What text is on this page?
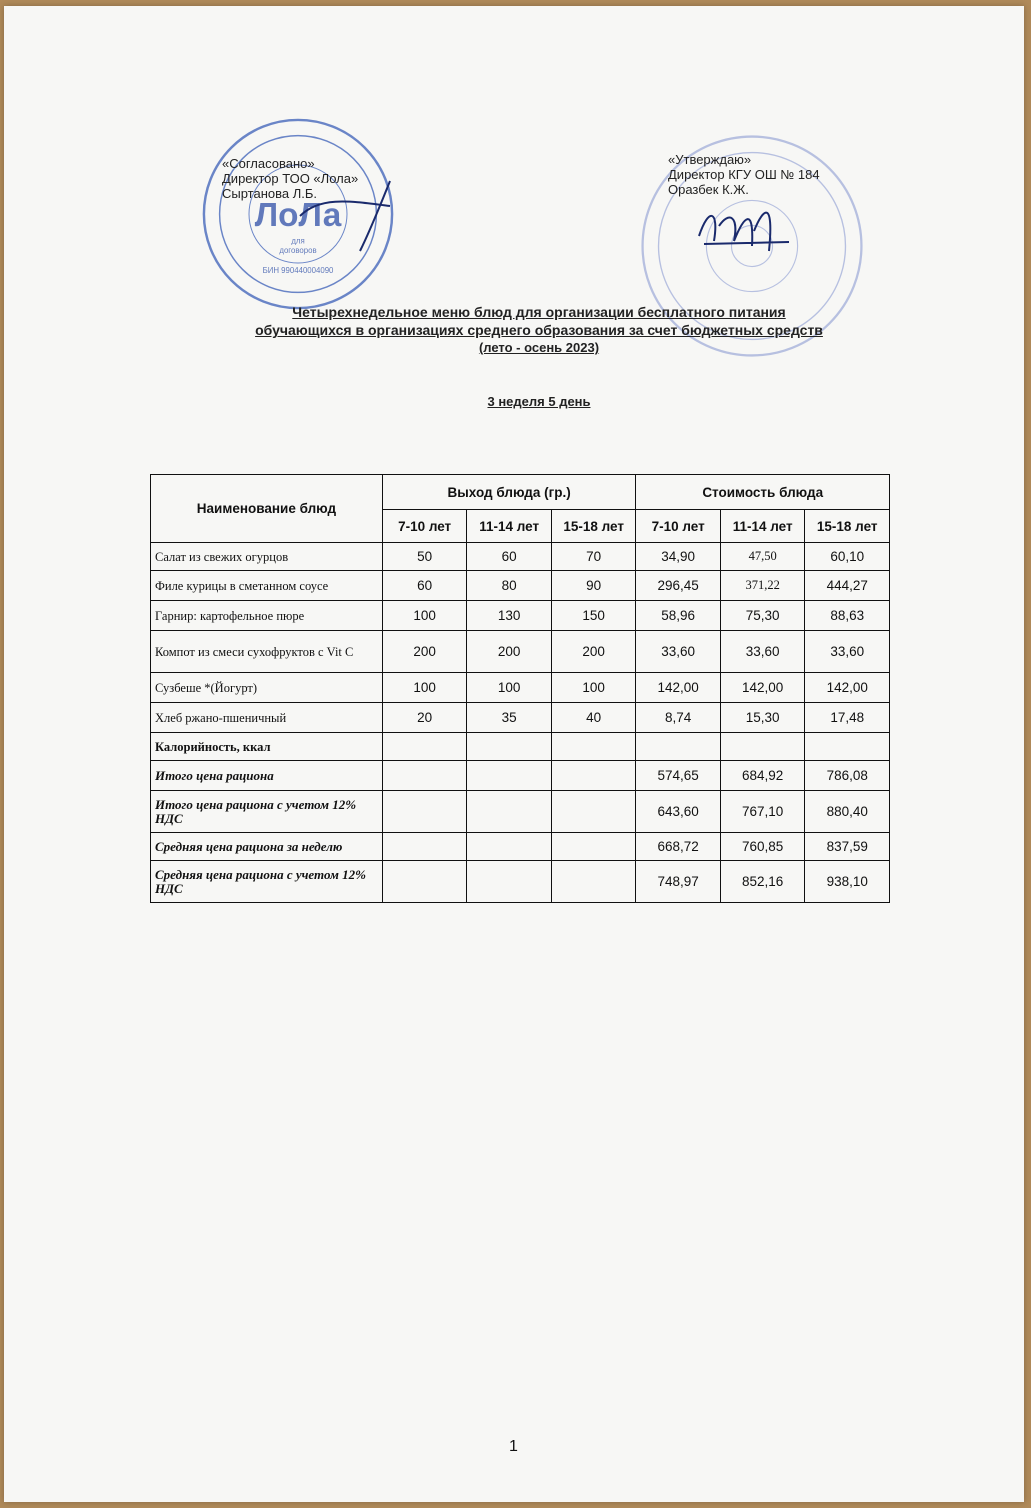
ЛоЛа
для
договоров
БИН 990440004090
«Согласовано»
Директор ТОО «Лола»
Сыртанова Л.Б.
«Утверждаю»
Директор КГУ ОШ № 184
Оразбек К.Ж.
Четырехнедельное меню блюд для организации бесплатного питания
обучающихся в организациях среднего образования за счет бюджетных средств
(лето - осень 2023)
3 неделя 5 день
Наименование блюд	Выход блюда (гр.)			Стоимость блюда		
	7-10 лет	11-14 лет	15-18 лет	7-10 лет	11-14 лет	15-18 лет
Салат из свежих огурцов	50	60	70	34,90	47,50	60,10
Филе курицы в сметанном соусе	60	80	90	296,45	371,22	444,27
Гарнир: картофельное пюре	100	130	150	58,96	75,30	88,63
Компот из смеси сухофруктов с Vit C	200	200	200	33,60	33,60	33,60
Сузбеше *(Йогурт)	100	100	100	142,00	142,00	142,00
Хлеб ржано-пшеничный	20	35	40	8,74	15,30	17,48
Калорийность, ккал						
Итого цена рациона				574,65	684,92	786,08
Итого цена рациона с учетом 12% НДС				643,60	767,10	880,40
Средняя цена рациона за неделю				668,72	760,85	837,59
Средняя цена рациона с учетом 12% НДС				748,97	852,16	938,10
1
